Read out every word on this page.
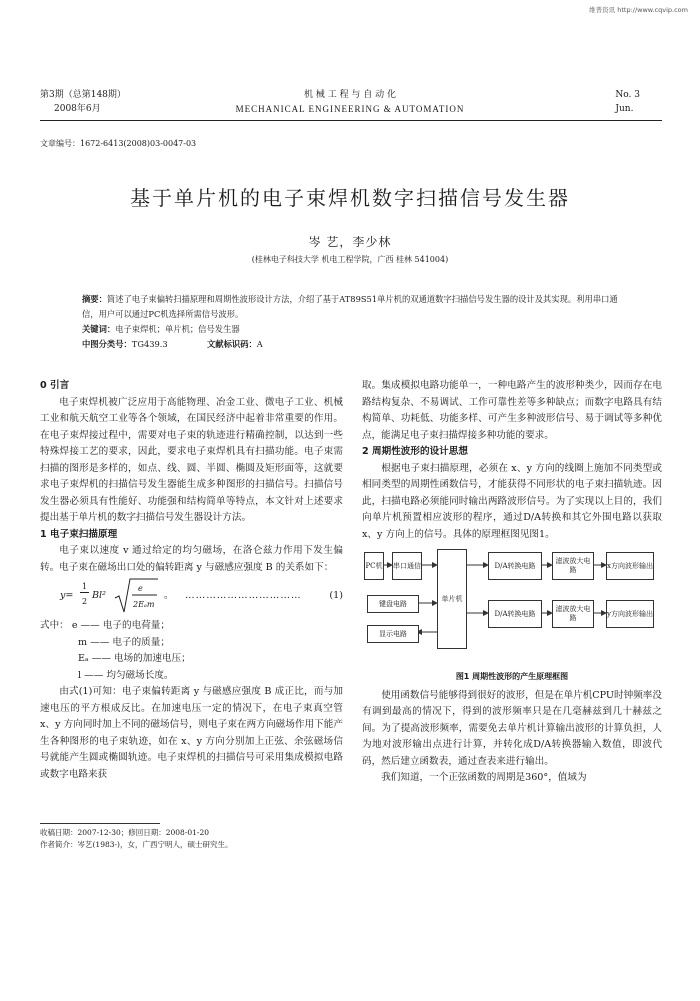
维普资讯 http://www.cqvip.com
第3期（总第148期）
2008年6月
机 械 工 程 与 自 动 化
MECHANICAL ENGINEERING & AUTOMATION
No. 3
Jun.
文章编号：1672-6413(2008)03-0047-03
基于单片机的电子束焊机数字扫描信号发生器
岑 艺，李少林
(桂林电子科技大学 机电工程学院，广西 桂林 541004)
摘要：简述了电子束偏转扫描原理和周期性波形设计方法，介绍了基于AT89S51单片机的双通道数字扫描信号发生器的设计及其实现。利用串口通信，用户可以通过PC机选择所需信号波形。
关键词：电子束焊机；单片机；信号发生器
中图分类号：TG439.3	文献标识码：A
0 引言

电子束焊机被广泛应用于高能物理、冶金工业、微电子工业、机械工业和航天航空工业等各个领域，在国民经济中起着非常重要的作用。在电子束焊接过程中，需要对电子束的轨迹进行精确控制，以达到一些特殊焊接工艺的要求，因此，要求电子束焊机具有扫描功能。电子束需扫描的图形是多样的，如点、线、圆、半圆、椭圆及矩形面等，这就要求电子束焊机的扫描信号发生器能生成多种图形的扫描信号。扫描信号发生器必须具有性能好、功能强和结构简单等特点，本文针对上述要求提出基于单片机的数字扫描信号发生器设计方法。

1 电子束扫描原理

电子束以速度 v 通过给定的均匀磁场，在洛仑兹力作用下发生偏转。电子束在磁场出口处的偏转距离 y 与磁感应强度 B 的关系如下：

y=
1
2
Bl²
e
2Eₐm
。 ……………………………	(1)
式中： e —— 电子的电荷量；
m —— 电子的质量；
Eₐ —— 电场的加速电压；
l —— 均匀磁场长度。

由式(1)可知：电子束偏转距离 y 与磁感应强度 B 成正比，而与加速电压的平方根成反比。在加速电压一定的情况下，在电子束真空管 x、y 方向同时加上不同的磁场信号，则电子束在两方向磁场作用下能产生各种图形的电子束轨迹，如在 x、y 方向分别加上正弦、余弦磁场信号就能产生圆或椭圆轨迹。电子束焊机的扫描信号可采用集成模拟电路或数字电路来获

收稿日期：2007-12-30；修回日期：2008-01-20
作者简介：岑艺(1983-)，女，广西宁明人，硕士研究生。

取。集成模拟电路功能单一，一种电路产生的波形种类少，因而存在电路结构复杂、不易调试、工作可靠性差等多种缺点；而数字电路具有结构简单、功耗低、功能多样、可产生多种波形信号、易于调试等多种优点，能满足电子束扫描焊接多种功能的要求。

2 周期性波形的设计思想

根据电子束扫描原理，必须在 x、y 方向的线圈上施加不同类型或相同类型的周期性函数信号，才能获得不同形状的电子束扫描轨迹。因此，扫描电路必须能同时输出两路波形信号。为了实现以上目的，我们向单片机预置相应波形的程序，通过D/A转换和其它外围电路以获取 x、y 方向上的信号。具体的原理框图见图1。

PC机 串口通信
单片机
键盘电路
显示电路
D/A转换电路
D/A转换电路
滤波放大电路
滤波放大电路
x方向波形输出
y方向波形输出
图1 周期性波形的产生原理框图

使用函数信号能够得到很好的波形，但是在单片机CPU时钟频率没有调到最高的情况下，得到的波形频率只是在几毫赫兹到几十赫兹之间。为了提高波形频率，需要免去单片机计算输出波形的计算负担，人为地对波形输出点进行计算，并转化成D/A转换器输入数值，即波代码，然后建立函数表，通过查表来进行输出。

我们知道，一个正弦函数的周期是360°，值域为
